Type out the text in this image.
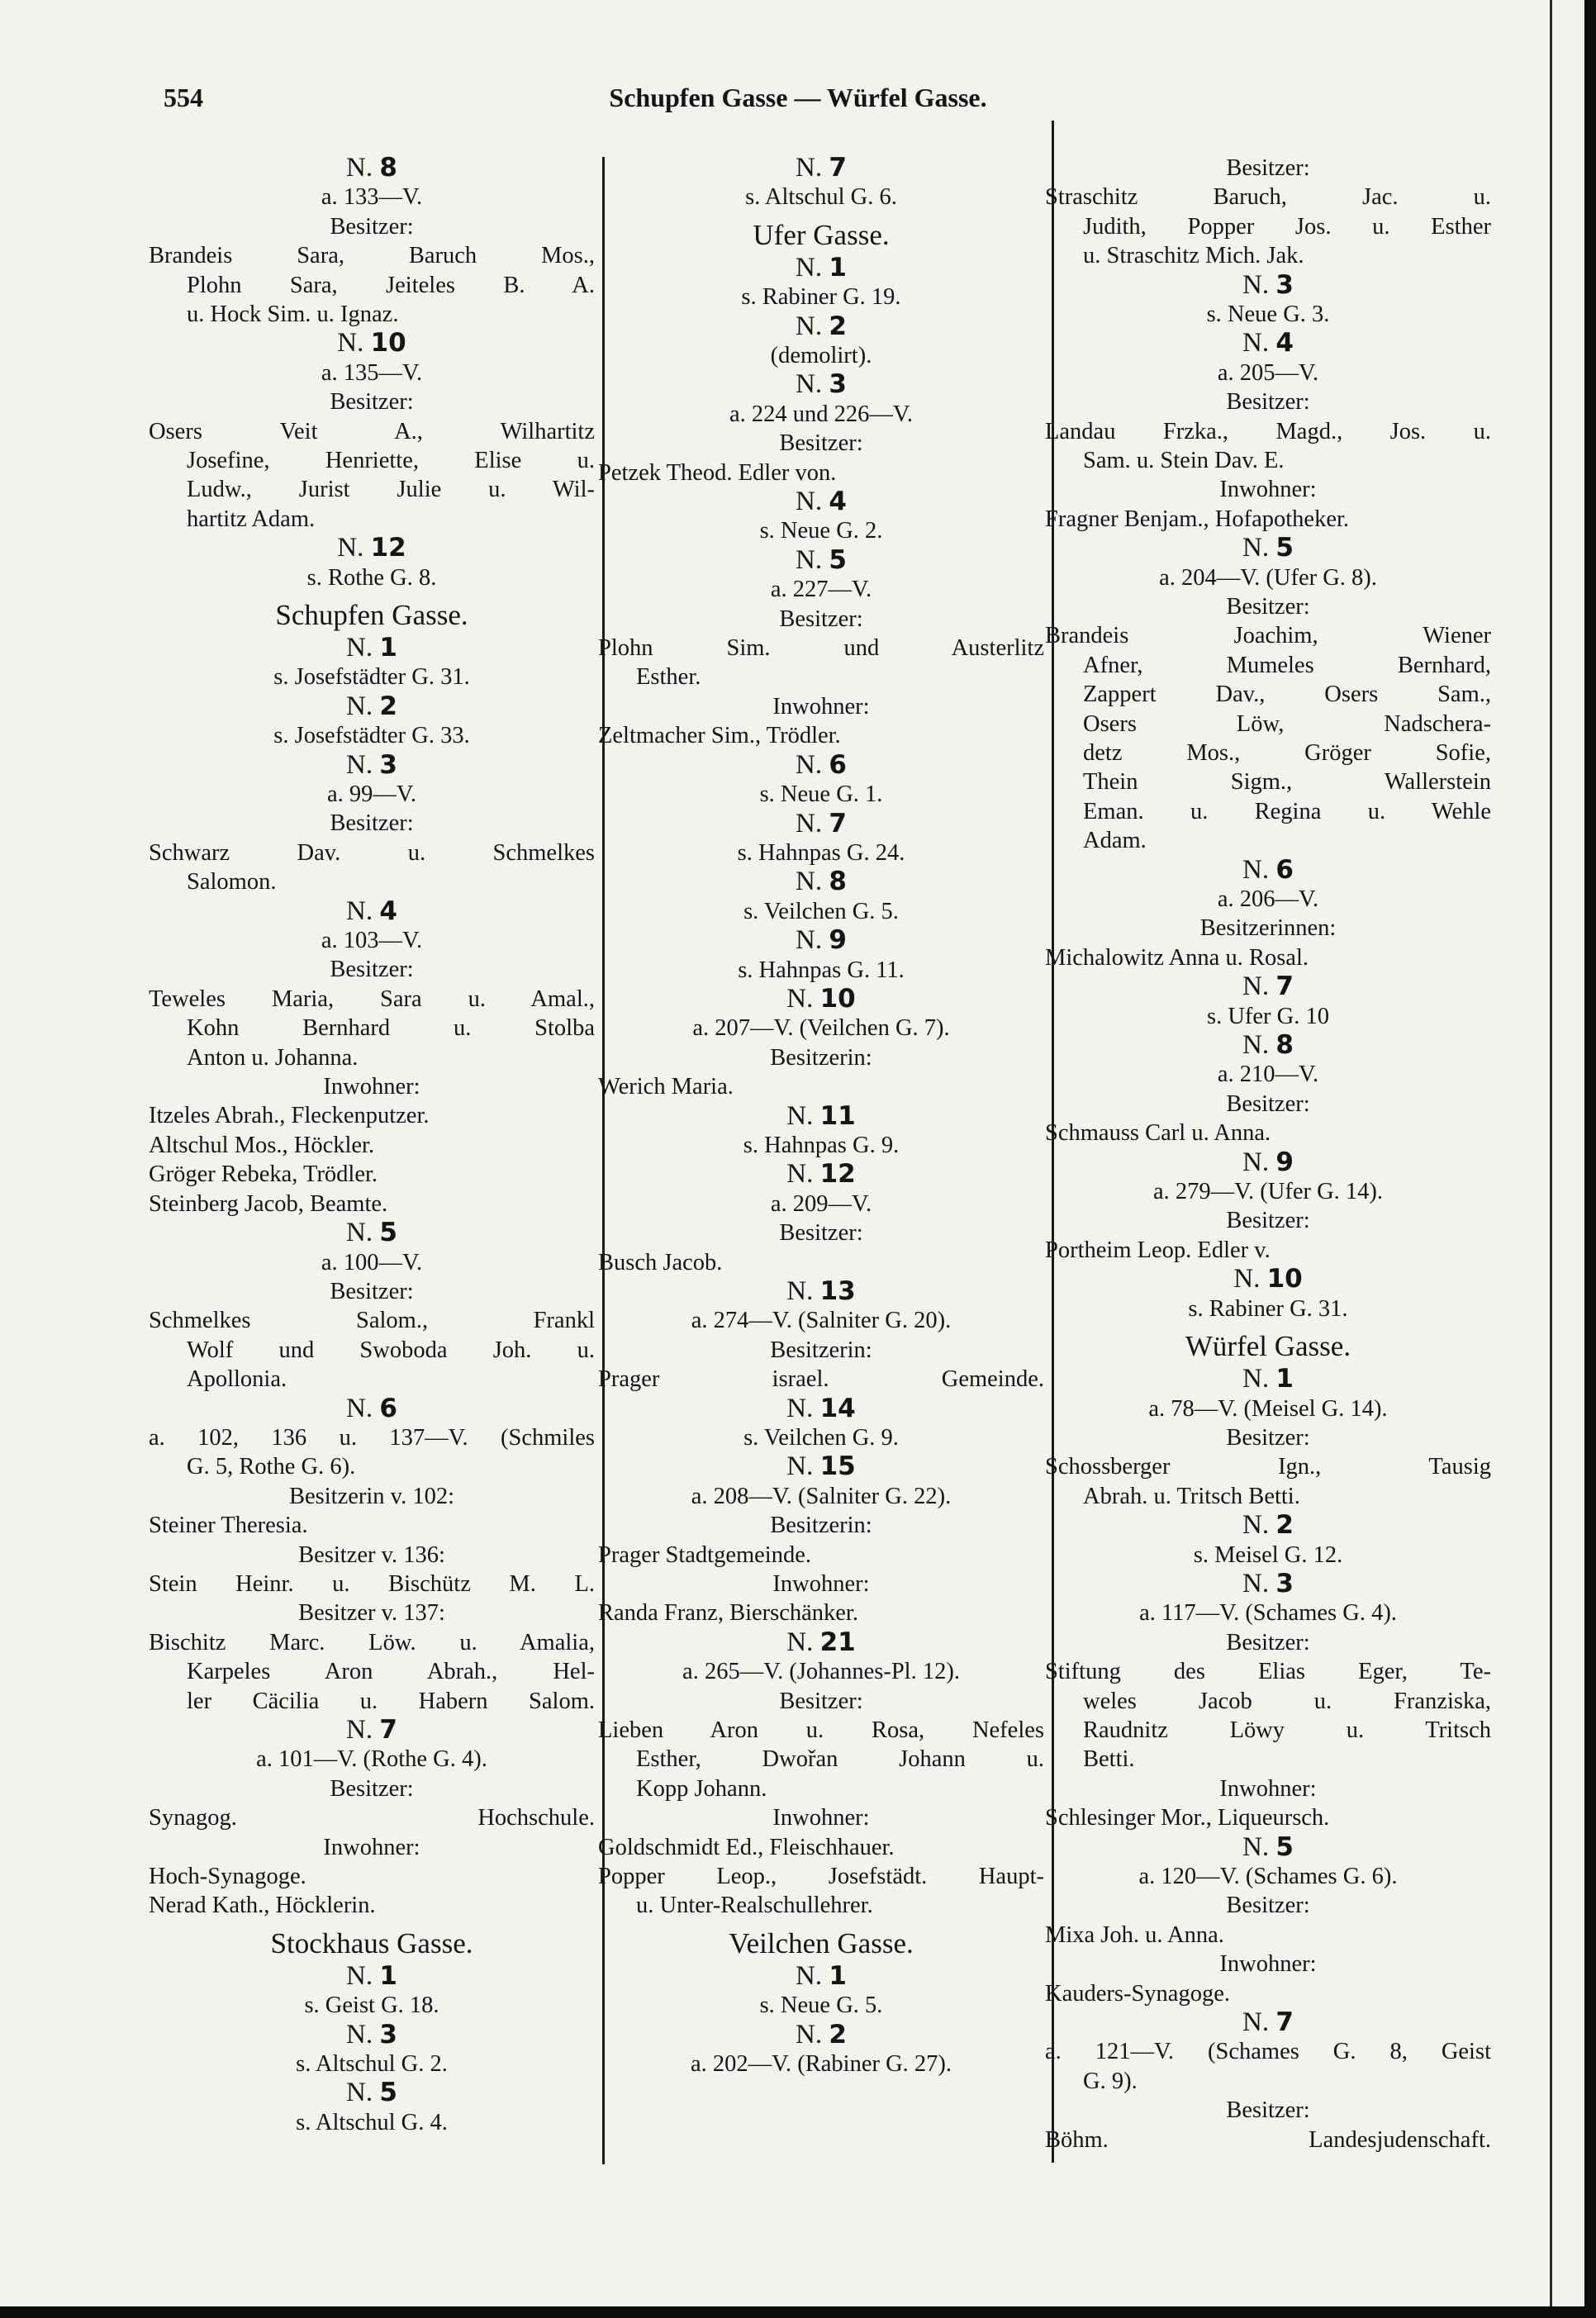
554	Schupfen Gasse — Würfel Gasse.
N. 8
a. 133—V.
Besitzer:
Brandeis Sara, Baruch Mos.,
Plohn Sara, Jeiteles B. A.
u. Hock Sim. u. Ignaz.
N. 10
a. 135—V.
Besitzer:
Osers Veit A., Wilhartitz
Josefine, Henriette, Elise u.
Ludw., Jurist Julie u. Wil-
hartitz Adam.
N. 12
s. Rothe G. 8.
Schupfen Gasse.
N. 1
s. Josefstädter G. 31.
N. 2
s. Josefstädter G. 33.
N. 3
a. 99—V.
Besitzer:
Schwarz Dav. u. Schmelkes
Salomon.
N. 4
a. 103—V.
Besitzer:
Teweles Maria, Sara u. Amal.,
Kohn Bernhard u. Stolba
Anton u. Johanna.
Inwohner:
Itzeles Abrah., Fleckenputzer.
Altschul Mos., Höckler.
Gröger Rebeka, Trödler.
Steinberg Jacob, Beamte.
N. 5
a. 100—V.
Besitzer:
Schmelkes Salom., Frankl
Wolf und Swoboda Joh. u.
Apollonia.
N. 6
a. 102, 136 u. 137—V. (Schmiles
G. 5, Rothe G. 6).
Besitzerin v. 102:
Steiner Theresia.
Besitzer v. 136:
Stein Heinr. u. Bischütz M. L.
Besitzer v. 137:
Bischitz Marc. Löw. u. Amalia,
Karpeles Aron Abrah., Hel-
ler Cäcilia u. Habern Salom.
N. 7
a. 101—V. (Rothe G. 4).
Besitzer:
Synagog. Hochschule.
Inwohner:
Hoch-Synagoge.
Nerad Kath., Höcklerin.
Stockhaus Gasse.
N. 1
s. Geist G. 18.
N. 3
s. Altschul G. 2.
N. 5
s. Altschul G. 4.
N. 7
s. Altschul G. 6.
Ufer Gasse.
N. 1
s. Rabiner G. 19.
N. 2
(demolirt).
N. 3
a. 224 und 226—V.
Besitzer:
Petzek Theod. Edler von.
N. 4
s. Neue G. 2.
N. 5
a. 227—V.
Besitzer:
Plohn Sim. und Austerlitz
Esther.
Inwohner:
Zeltmacher Sim., Trödler.
N. 6
s. Neue G. 1.
N. 7
s. Hahnpas G. 24.
N. 8
s. Veilchen G. 5.
N. 9
s. Hahnpas G. 11.
N. 10
a. 207—V. (Veilchen G. 7).
Besitzerin:
Werich Maria.
N. 11
s. Hahnpas G. 9.
N. 12
a. 209—V.
Besitzer:
Busch Jacob.
N. 13
a. 274—V. (Salniter G. 20).
Besitzerin:
Prager israel. Gemeinde.
N. 14
s. Veilchen G. 9.
N. 15
a. 208—V. (Salniter G. 22).
Besitzerin:
Prager Stadtgemeinde.
Inwohner:
Randa Franz, Bierschänker.
N. 21
a. 265—V. (Johannes-Pl. 12).
Besitzer:
Lieben Aron u. Rosa, Nefeles
Esther, Dwořan Johann u.
Kopp Johann.
Inwohner:
Goldschmidt Ed., Fleischhauer.
Popper Leop., Josefstädt. Haupt-
u. Unter-Realschullehrer.
Veilchen Gasse.
N. 1
s. Neue G. 5.
N. 2
a. 202—V. (Rabiner G. 27).
Besitzer:
Straschitz Baruch, Jac. u.
Judith, Popper Jos. u. Esther
u. Straschitz Mich. Jak.
N. 3
s. Neue G. 3.
N. 4
a. 205—V.
Besitzer:
Landau Frzka., Magd., Jos. u.
Sam. u. Stein Dav. E.
Inwohner:
Fragner Benjam., Hofapotheker.
N. 5
a. 204—V. (Ufer G. 8).
Besitzer:
Brandeis Joachim, Wiener
Afner, Mumeles Bernhard,
Zappert Dav., Osers Sam.,
Osers Löw, Nadschera-
detz Mos., Gröger Sofie,
Thein Sigm., Wallerstein
Eman. u. Regina u. Wehle
Adam.
N. 6
a. 206—V.
Besitzerinnen:
Michalowitz Anna u. Rosal.
N. 7
s. Ufer G. 10
N. 8
a. 210—V.
Besitzer:
Schmauss Carl u. Anna.
N. 9
a. 279—V. (Ufer G. 14).
Besitzer:
Portheim Leop. Edler v.
N. 10
s. Rabiner G. 31.
Würfel Gasse.
N. 1
a. 78—V. (Meisel G. 14).
Besitzer:
Schossberger Ign., Tausig
Abrah. u. Tritsch Betti.
N. 2
s. Meisel G. 12.
N. 3
a. 117—V. (Schames G. 4).
Besitzer:
Stiftung des Elias Eger, Te-
weles Jacob u. Franziska,
Raudnitz Löwy u. Tritsch
Betti.
Inwohner:
Schlesinger Mor., Liqueursch.
N. 5
a. 120—V. (Schames G. 6).
Besitzer:
Mixa Joh. u. Anna.
Inwohner:
Kauders-Synagoge.
N. 7
a. 121—V. (Schames G. 8, Geist
G. 9).
Besitzer:
Böhm. Landesjudenschaft.
